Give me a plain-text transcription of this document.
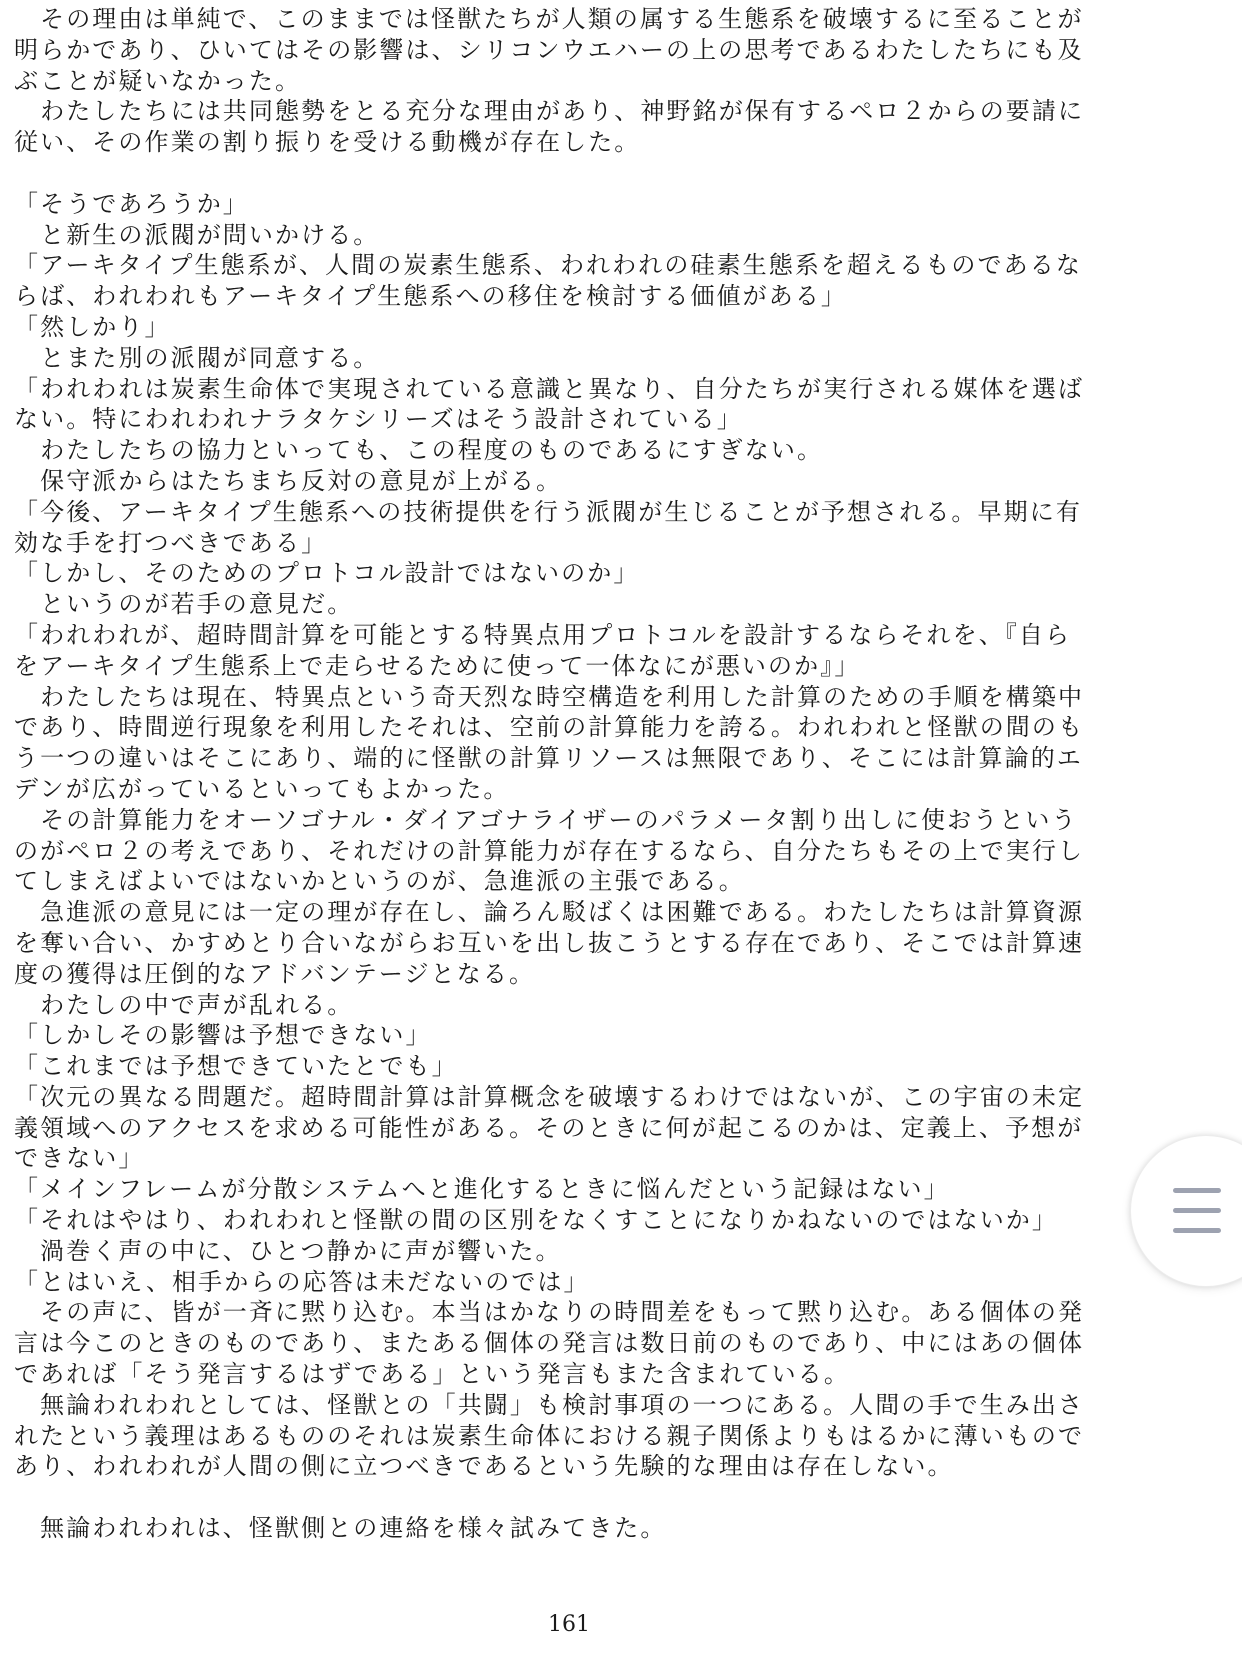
　その理由は単純で、このままでは怪獣たちが人類の属する生態系を破壊するに至ることが
明らかであり、ひいてはその影響は、シリコンウエハーの上の思考であるわたしたちにも及
ぶことが疑いなかった。
　わたしたちには共同態勢をとる充分な理由があり、神野銘が保有するペロ２からの要請に
従い、その作業の割り振りを受ける動機が存在した。
「そうであろうか」
　と新生の派閥が問いかける。
「アーキタイプ生態系が、人間の炭素生態系、われわれの硅素生態系を超えるものであるな
らば、われわれもアーキタイプ生態系への移住を検討する価値がある」
「然しかり」
　とまた別の派閥が同意する。
「われわれは炭素生命体で実現されている意識と異なり、自分たちが実行される媒体を選ば
ない。特にわれわれナラタケシリーズはそう設計されている」
　わたしたちの協力といっても、この程度のものであるにすぎない。
　保守派からはたちまち反対の意見が上がる。
「今後、アーキタイプ生態系への技術提供を行う派閥が生じることが予想される。早期に有
効な手を打つべきである」
「しかし、そのためのプロトコル設計ではないのか」
　というのが若手の意見だ。
「われわれが、超時間計算を可能とする特異点用プロトコルを設計するならそれを、『自ら
をアーキタイプ生態系上で走らせるために使って一体なにが悪いのか』」
　わたしたちは現在、特異点という奇天烈な時空構造を利用した計算のための手順を構築中
であり、時間逆行現象を利用したそれは、空前の計算能力を誇る。われわれと怪獣の間のも
う一つの違いはそこにあり、端的に怪獣の計算リソースは無限であり、そこには計算論的エ
デンが広がっているといってもよかった。
　その計算能力をオーソゴナル・ダイアゴナライザーのパラメータ割り出しに使おうという
のがペロ２の考えであり、それだけの計算能力が存在するなら、自分たちもその上で実行し
てしまえばよいではないかというのが、急進派の主張である。
　急進派の意見には一定の理が存在し、論ろん駁ばくは困難である。わたしたちは計算資源
を奪い合い、かすめとり合いながらお互いを出し抜こうとする存在であり、そこでは計算速
度の獲得は圧倒的なアドバンテージとなる。
　わたしの中で声が乱れる。
「しかしその影響は予想できない」
「これまでは予想できていたとでも」
「次元の異なる問題だ。超時間計算は計算概念を破壊するわけではないが、この宇宙の未定
義領域へのアクセスを求める可能性がある。そのときに何が起こるのかは、定義上、予想が
できない」
「メインフレームが分散システムへと進化するときに悩んだという記録はない」
「それはやはり、われわれと怪獣の間の区別をなくすことになりかねないのではないか」
　渦巻く声の中に、ひとつ静かに声が響いた。
「とはいえ、相手からの応答は未だないのでは」
　その声に、皆が一斉に黙り込む。本当はかなりの時間差をもって黙り込む。ある個体の発
言は今このときのものであり、またある個体の発言は数日前のものであり、中にはあの個体
であれば「そう発言するはずである」という発言もまた含まれている。
　無論われわれとしては、怪獣との「共闘」も検討事項の一つにある。人間の手で生み出さ
れたという義理はあるもののそれは炭素生命体における親子関係よりもはるかに薄いもので
あり、われわれが人間の側に立つべきであるという先験的な理由は存在しない。
　無論われわれは、怪獣側との連絡を様々試みてきた。
161
